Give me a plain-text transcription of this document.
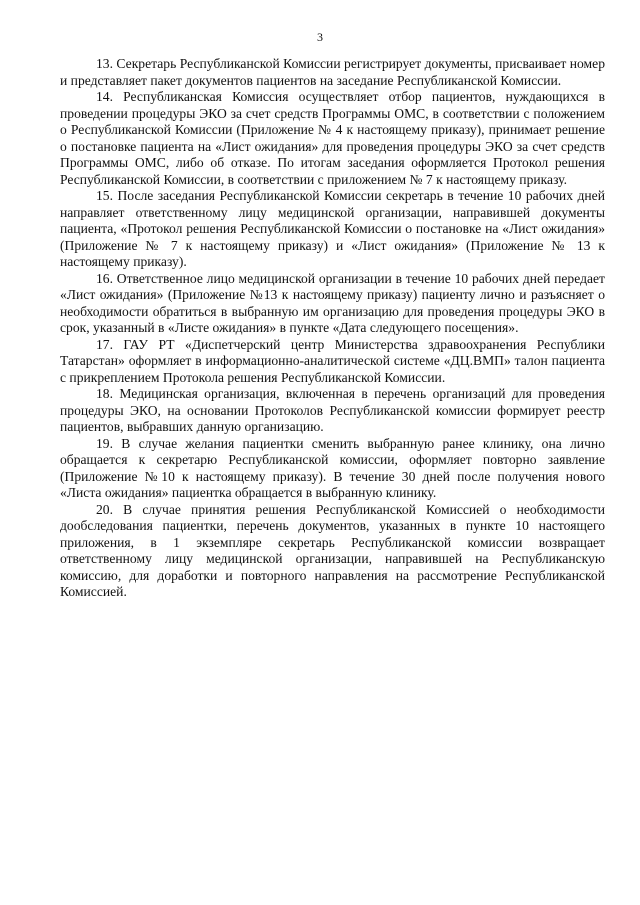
3

13. Секретарь Республиканской Комиссии регистрирует документы, присваивает номер и представляет пакет документов пациентов на заседание Республиканской Комиссии.

14. Республиканская Комиссия осуществляет отбор пациентов, нуждающихся в проведении процедуры ЭКО за счет средств Программы ОМС, в соответствии с положением о Республиканской Комиссии (Приложение № 4 к настоящему приказу), принимает решение о постановке пациента на «Лист ожидания» для проведения процедуры ЭКО за счет средств Программы ОМС, либо об отказе. По итогам заседания оформляется Протокол решения Республиканской Комиссии, в соответствии с приложением № 7 к настоящему приказу.

15. После заседания Республиканской Комиссии секретарь в течение 10 рабочих дней направляет ответственному лицу медицинской организации, направившей документы пациента, «Протокол решения Республиканской Комиссии о постановке на «Лист ожидания» (Приложение № 7 к настоящему приказу) и «Лист ожидания» (Приложение № 13 к настоящему приказу).

16. Ответственное лицо медицинской организации в течение 10 рабочих дней передает «Лист ожидания» (Приложение №13 к настоящему приказу) пациенту лично и разъясняет о необходимости обратиться в выбранную им организацию для проведения процедуры ЭКО в срок, указанный в «Листе ожидания» в пункте «Дата следующего посещения».

17. ГАУ РТ «Диспетчерский центр Министерства здравоохранения Республики Татарстан» оформляет в информационно-аналитической системе «ДЦ.ВМП» талон пациента с прикреплением Протокола решения Республиканской Комиссии.

18. Медицинская организация, включенная в перечень организаций для проведения процедуры ЭКО, на основании Протоколов Республиканской комиссии формирует реестр пациентов, выбравших данную организацию.

19. В случае желания пациентки сменить выбранную ранее клинику, она лично обращается к секретарю Республиканской комиссии, оформляет повторно заявление (Приложение №10 к настоящему приказу). В течение 30 дней после получения нового «Листа ожидания» пациентка обращается в выбранную клинику.

20. В случае принятия решения Республиканской Комиссией о необходимости дообследования пациентки, перечень документов, указанных в пункте 10 настоящего приложения, в 1 экземпляре секретарь Республиканской комиссии возвращает ответственному лицу медицинской организации, направившей на Республиканскую комиссию, для доработки и повторного направления на рассмотрение Республиканской Комиссией.
